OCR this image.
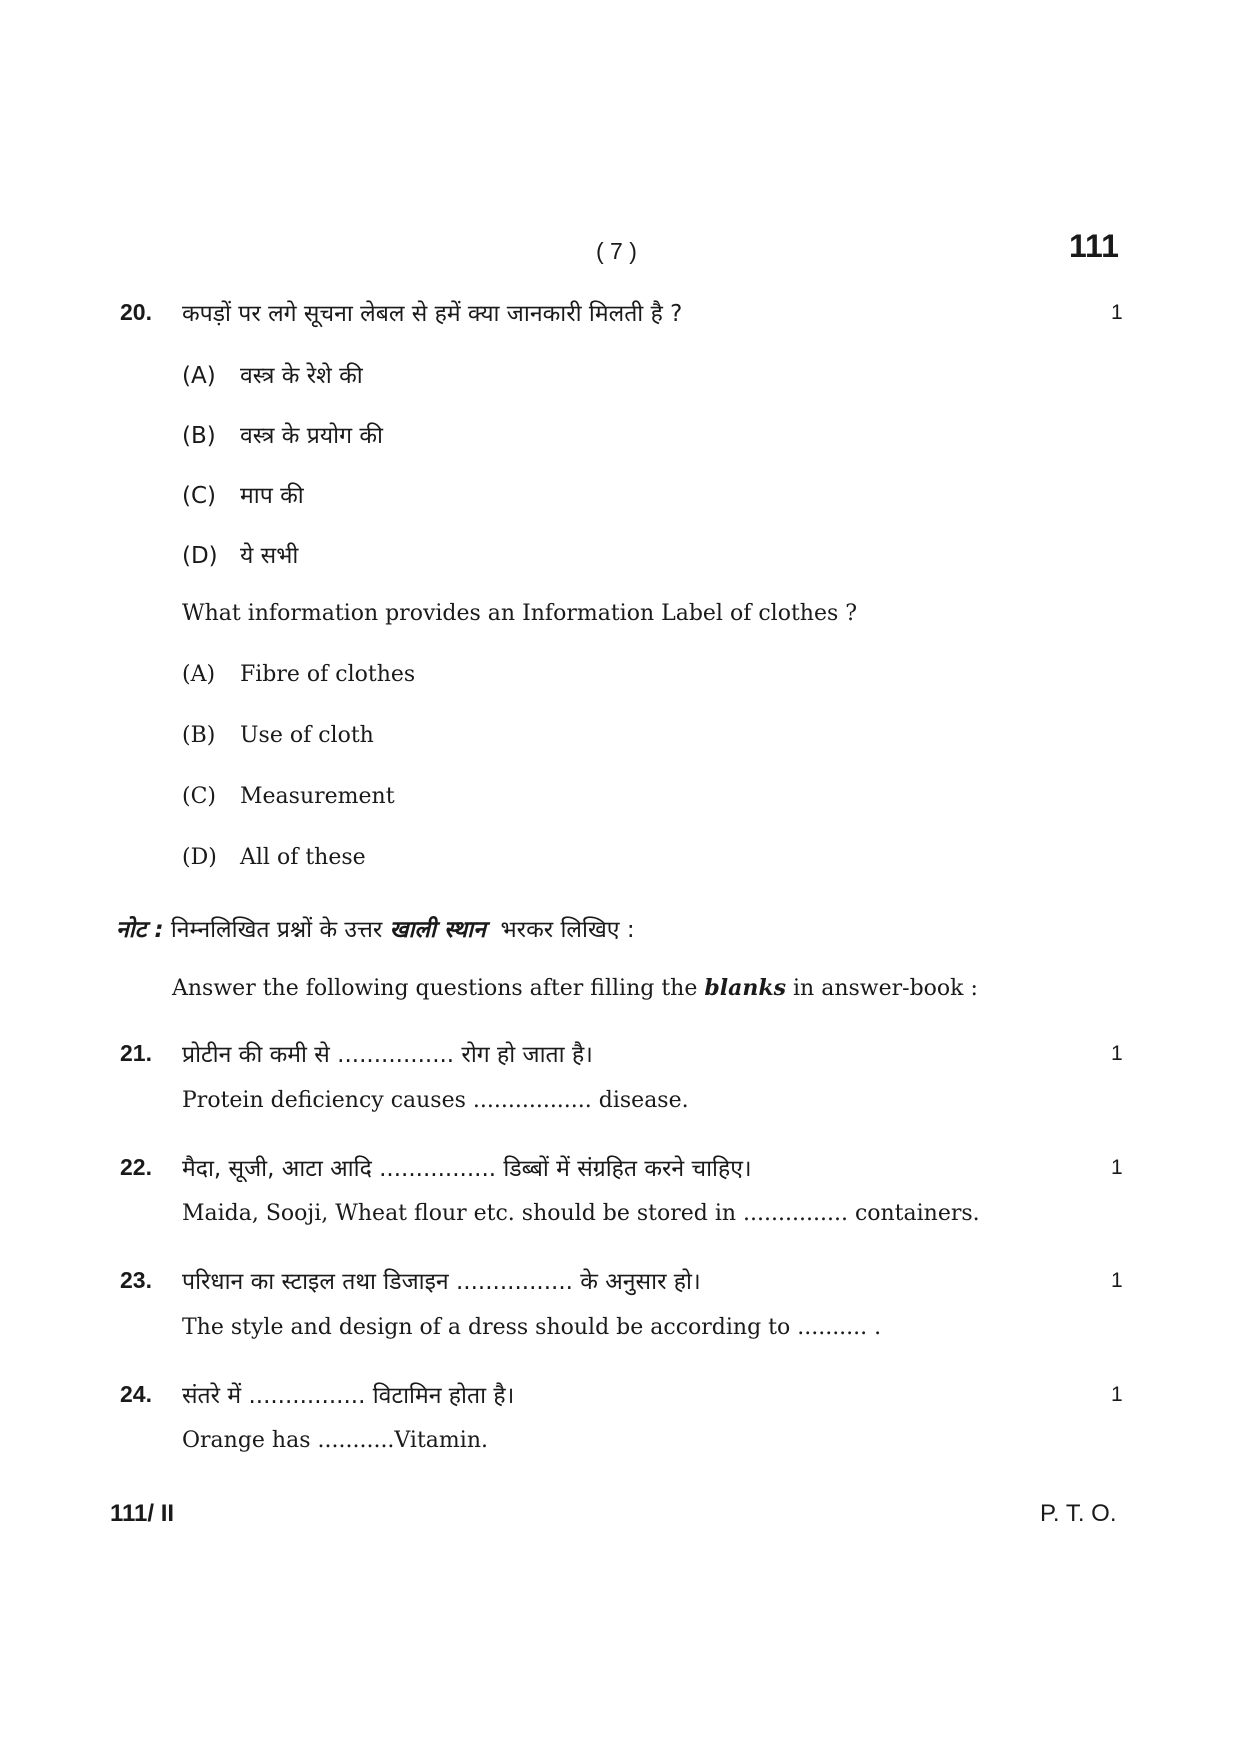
( 7 )	111
20. कपड़ों पर लगे सूचना लेबल से हमें क्या जानकारी मिलती है ?	1
(A) वस्त्र के रेशे की
(B) वस्त्र के प्रयोग की
(C) माप की
(D) ये सभी
What information provides an Information Label of clothes ?
(A) Fibre of clothes
(B) Use of cloth
(C) Measurement
(D) All of these
नोट : निम्नलिखित प्रश्नों के उत्तर खाली स्थान भरकर लिखिए :
Answer the following questions after filling the blanks in answer-book :
21. प्रोटीन की कमी से ................ रोग हो जाता है।	1
Protein deficiency causes ................. disease.
22. मैदा, सूजी, आटा आदि ................ डिब्बों में संग्रहित करने चाहिए।	1
Maida, Sooji, Wheat flour etc. should be stored in ............... containers.
23. परिधान का स्टाइल तथा डिजाइन ................ के अनुसार हो।	1
The style and design of a dress should be according to .......... .
24. संतरे में ................ विटामिन होता है।	1
Orange has ...........Vitamin.
111/ II	P. T. O.
